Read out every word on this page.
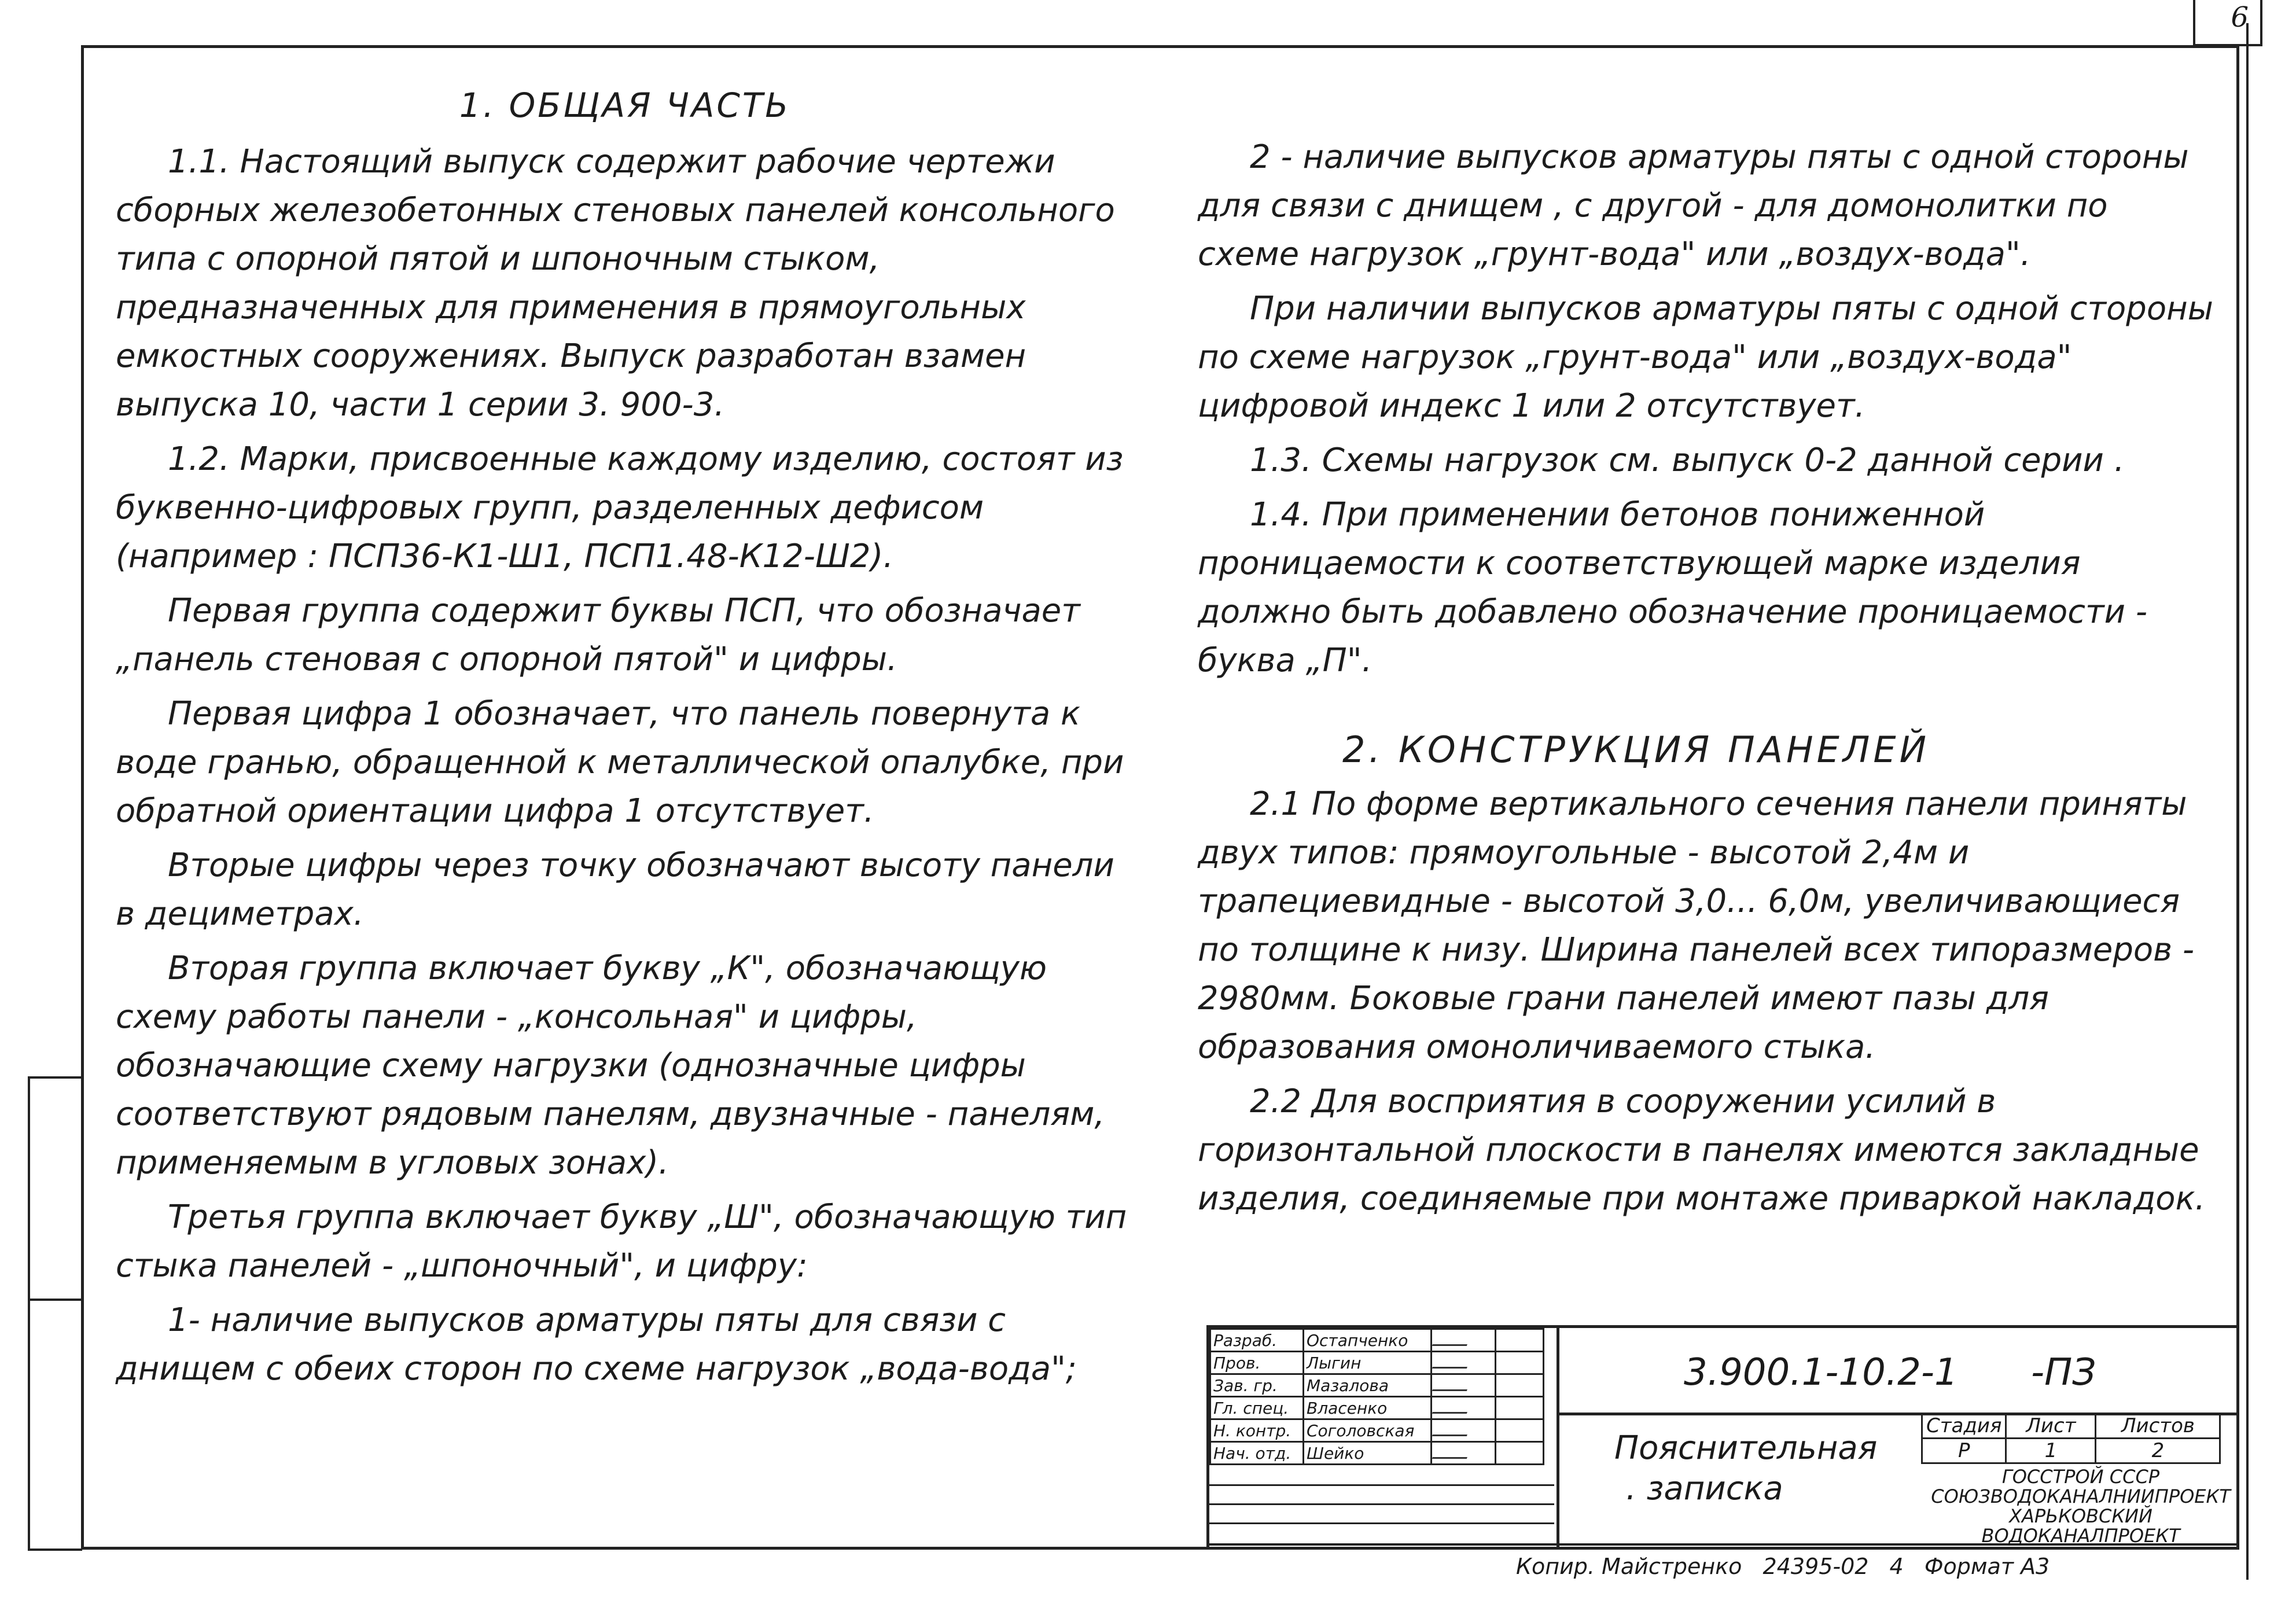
6

1. ОБЩАЯ ЧАСТЬ

1.1. Настоящий выпуск содержит рабочие чертежи сборных железобетонных стеновых панелей консольного типа с опорной пятой и шпоночным стыком, предназначенных для применения в прямоугольных емкостных сооружениях. Выпуск разработан взамен выпуска 10, части 1 серии 3. 900-3.

1.2. Марки, присвоенные каждому изделию, состоят из буквенно-цифровых групп, разделенных дефисом (например : ПСП36-К1-Ш1, ПСП1.48-К12-Ш2).

Первая группа содержит буквы ПСП, что обозначает „панель стеновая с опорной пятой" и цифры.

Первая цифра 1 обозначает, что панель повернута к воде гранью, обращенной к металлической опалубке, при обратной ориентации цифра 1 отсутствует.

Вторые цифры через точку обозначают высоту панели в дециметрах.

Вторая группа включает букву „К", обозначающую схему работы панели - „консольная" и цифры, обозначающие схему нагрузки (однозначные цифры соответствуют рядовым панелям, двузначные - панелям, применяемым в угловых зонах).

Третья группа включает букву „Ш", обозначающую тип стыка панелей - „шпоночный", и цифру:

1- наличие выпусков арматуры пяты для связи с днищем с обеих сторон по схеме нагрузок „вода-вода";

2 - наличие выпусков арматуры пяты с одной стороны для связи с днищем , с другой - для домонолитки по схеме нагрузок „грунт-вода" или „воздух-вода".

При наличии выпусков арматуры пяты с одной стороны по схеме нагрузок „грунт-вода" или „воздух-вода" цифровой индекс 1 или 2 отсутствует.

1.3. Схемы нагрузок см. выпуск 0-2 данной серии .

1.4. При применении бетонов пониженной проницаемости к соответствующей марке изделия должно быть добавлено обозначение проницаемости - буква „П".

2. КОНСТРУКЦИЯ ПАНЕЛЕЙ

2.1 По форме вертикального сечения панели приняты двух типов: прямоугольные - высотой 2,4м и трапециевидные - высотой 3,0... 6,0м, увеличивающиеся по толщине к низу. Ширина панелей всех типоразмеров - 2980мм. Боковые грани панелей имеют пазы для образования омоноличиваемого стыка.

2.2 Для восприятия в сооружении усилий в горизонтальной плоскости в панелях имеются закладные изделия, соединяемые при монтаже приваркой накладок.

Разраб.	Остапченко		
Пров.	Лыгин		
Зав. гр.	Мазалова		
Гл. спец.	Власенко		
Н. контр.	Соголовская		
Нач. отд.	Шейко		
3.900.1-10.2-1 -ПЗ
Пояснительная
. записка
Стадия	Лист	Листов
Р	1	2
ГОССТРОЙ СССР
СОЮЗВОДОКАНАЛНИИПРОЕКТ
ХАРЬКОВСКИЙ
ВОДОКАНАЛПРОЕКТ
Копир. Майстренко 24395-02 4 Формат А3
